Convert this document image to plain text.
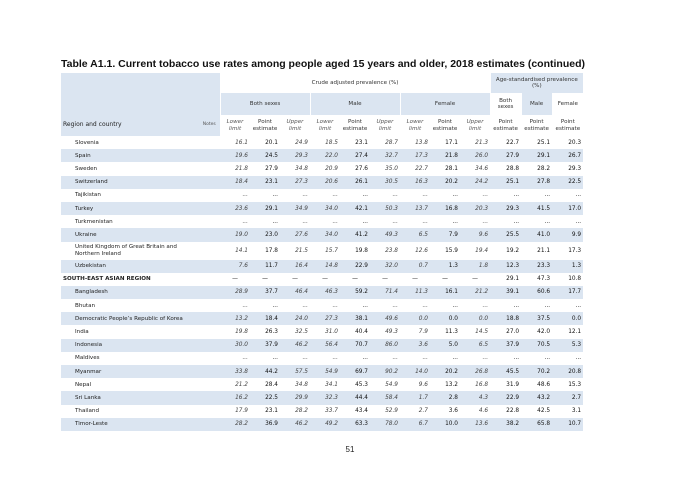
Table A1.1. Current tobacco use rates among people aged 15 years and older, 2018 estimates (continued)
Region and country	$_{Notes}$	Crude adjusted prevalence (%)									Age-standardised prevalence (%)		
		Both sexes			Male			Female			Both sexes	Male	Female
		Lower limit	Point estimate	Upper limit	Lower limit	Point estimate	Upper limit	Lower limit	Point estimate	Upper limit	Point estimate	Point estimate	Point estimate
Slovenia		16.1	20.1	24.9	18.5	23.1	28.7	13.8	17.1	21.3	22.7	25.1	20.3
Spain		19.6	24.5	29.3	22.0	27.4	32.7	17.3	21.8	26.0	27.9	29.1	26.7
Sweden		21.8	27.9	34.8	20.9	27.6	35.0	22.7	28.1	34.6	28.8	28.2	29.3
Switzerland		18.4	23.1	27.3	20.6	26.1	30.5	16.3	20.2	24.2	25.1	27.8	22.5
Tajikistan		...	...	...	...	...	...	...	...	...	...	...	...
Turkey		23.6	29.1	34.9	34.0	42.1	50.3	13.7	16.8	20.3	29.3	41.5	17.0
Turkmenistan		...	...	...	...	...	...	...	...	...	...	...	...
Ukraine		19.0	23.0	27.6	34.0	41.2	49.3	6.5	7.9	9.6	25.5	41.0	9.9
United Kingdom of Great Britain and Northern Ireland		14.1	17.8	21.5	15.7	19.8	23.8	12.6	15.9	19.4	19.2	21.1	17.3
Uzbekistan		7.6	11.7	16.4	14.8	22.9	32.0	0.7	1.3	1.8	12.3	23.3	1.3
SOUTH-EAST ASIAN REGION		—	—	—	—	—	—	—	—	—	29.1	47.3	10.8
Bangladesh		28.9	37.7	46.4	46.3	59.2	71.4	11.3	16.1	21.2	39.1	60.6	17.7
Bhutan		...	...	...	...	...	...	...	...	...	...	...	...
Democratic People’s Republic of Korea		13.2	18.4	24.0	27.3	38.1	49.6	0.0	0.0	0.0	18.8	37.5	0.0
India		19.8	26.3	32.5	31.0	40.4	49.3	7.9	11.3	14.5	27.0	42.0	12.1
Indonesia		30.0	37.9	46.2	56.4	70.7	86.0	3.6	5.0	6.5	37.9	70.5	5.3
Maldives		...	...	...	...	...	...	...	...	...	...	...	...
Myanmar		33.8	44.2	57.5	54.9	69.7	90.2	14.0	20.2	26.8	45.5	70.2	20.8
Nepal		21.2	28.4	34.8	34.1	45.3	54.9	9.6	13.2	16.8	31.9	48.6	15.3
Sri Lanka		16.2	22.5	29.9	32.3	44.4	58.4	1.7	2.8	4.3	22.9	43.2	2.7
Thailand		17.9	23.1	28.2	33.7	43.4	52.9	2.7	3.6	4.6	22.8	42.5	3.1
Timor-Leste		28.2	36.9	46.2	49.2	63.3	78.0	6.7	10.0	13.6	38.2	65.8	10.7
51
